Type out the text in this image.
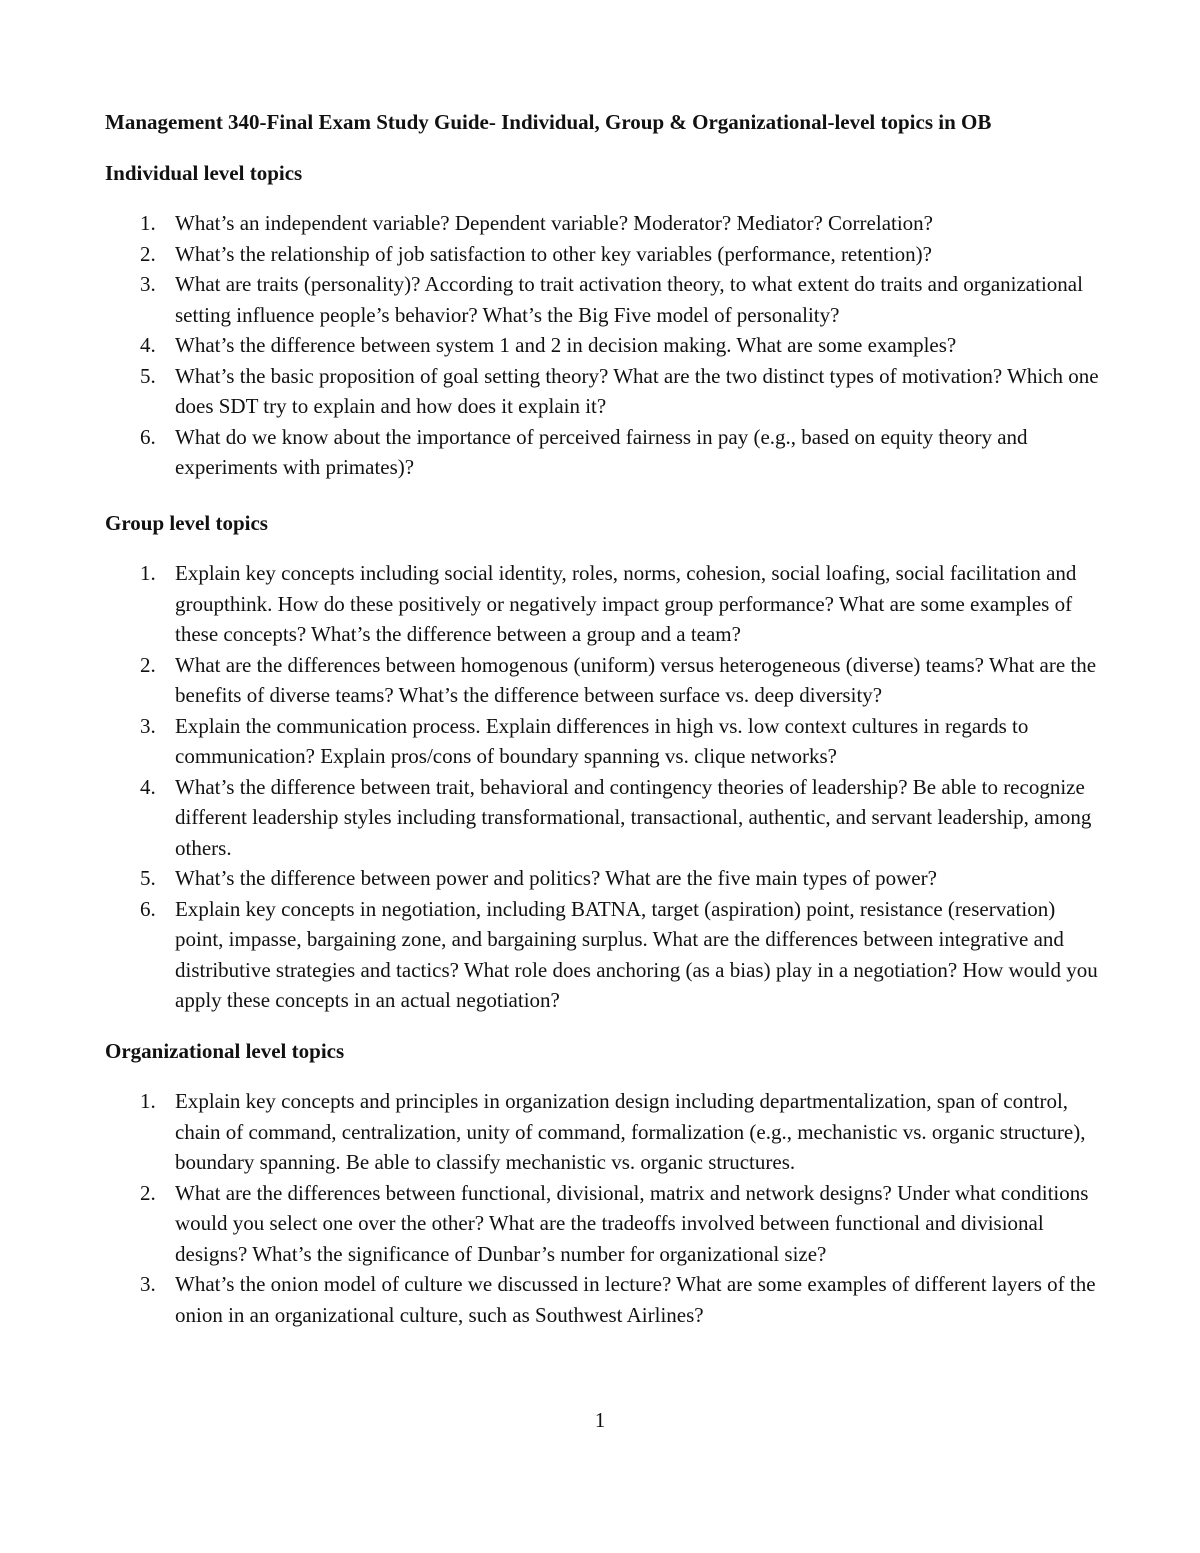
Management 340-Final Exam Study Guide- Individual, Group & Organizational-level topics in OB
Individual level topics
1. What’s an independent variable? Dependent variable? Moderator? Mediator? Correlation?
2. What’s the relationship of job satisfaction to other key variables (performance, retention)?
3. What are traits (personality)? According to trait activation theory, to what extent do traits and organizational setting influence people’s behavior? What’s the Big Five model of personality?
4. What’s the difference between system 1 and 2 in decision making. What are some examples?
5. What’s the basic proposition of goal setting theory? What are the two distinct types of motivation? Which one does SDT try to explain and how does it explain it?
6. What do we know about the importance of perceived fairness in pay (e.g., based on equity theory and experiments with primates)?
Group level topics
1. Explain key concepts including social identity, roles, norms, cohesion, social loafing, social facilitation and groupthink. How do these positively or negatively impact group performance? What are some examples of these concepts? What’s the difference between a group and a team?
2. What are the differences between homogenous (uniform) versus heterogeneous (diverse) teams? What are the benefits of diverse teams? What’s the difference between surface vs. deep diversity?
3. Explain the communication process. Explain differences in high vs. low context cultures in regards to communication? Explain pros/cons of boundary spanning vs. clique networks?
4. What’s the difference between trait, behavioral and contingency theories of leadership? Be able to recognize different leadership styles including transformational, transactional, authentic, and servant leadership, among others.
5. What’s the difference between power and politics? What are the five main types of power?
6. Explain key concepts in negotiation, including BATNA, target (aspiration) point, resistance (reservation) point, impasse, bargaining zone, and bargaining surplus. What are the differences between integrative and distributive strategies and tactics? What role does anchoring (as a bias) play in a negotiation? How would you apply these concepts in an actual negotiation?
Organizational level topics
1. Explain key concepts and principles in organization design including departmentalization, span of control, chain of command, centralization, unity of command, formalization (e.g., mechanistic vs. organic structure), boundary spanning. Be able to classify mechanistic vs. organic structures.
2. What are the differences between functional, divisional, matrix and network designs? Under what conditions would you select one over the other? What are the tradeoffs involved between functional and divisional designs? What’s the significance of Dunbar’s number for organizational size?
3. What’s the onion model of culture we discussed in lecture? What are some examples of different layers of the onion in an organizational culture, such as Southwest Airlines?
1
